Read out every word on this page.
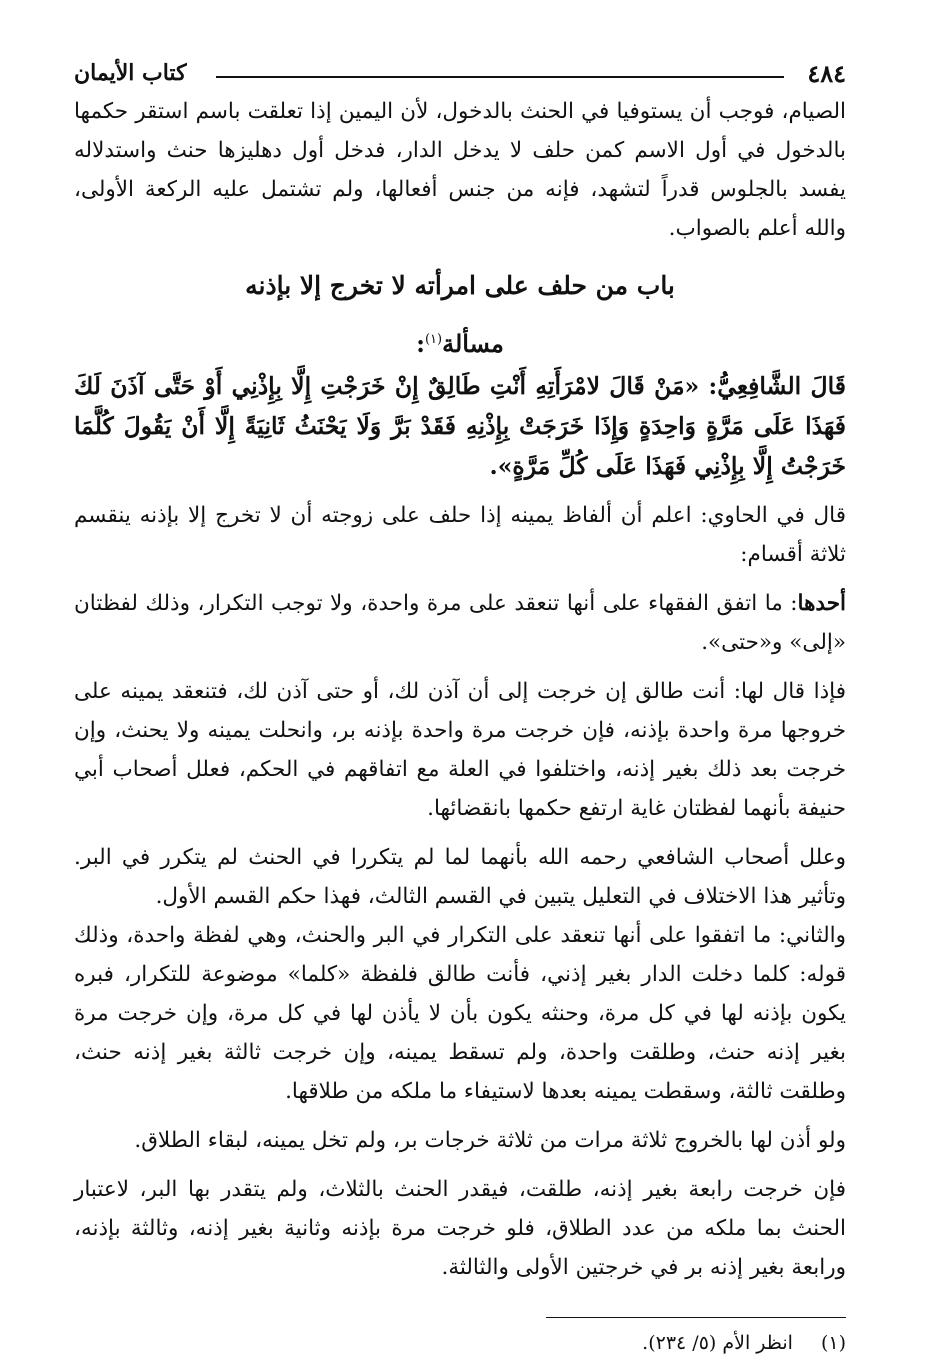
٤٨٤
كتاب الأيمان

الصيام، فوجب أن يستوفيا في الحنث بالدخول، لأن اليمين إذا تعلقت باسم استقر حكمها بالدخول في أول الاسم كمن حلف لا يدخل الدار، فدخل أول دهليزها حنث واستدلاله يفسد بالجلوس قدراً لتشهد، فإنه من جنس أفعالها، ولم تشتمل عليه الركعة الأولى، والله أعلم بالصواب.

باب من حلف على امرأته لا تخرج إلا بإذنه
مسألة$^{(١)}$:

قَالَ الشَّافِعِيُّ: «مَنْ قَالَ لامْرَأَتِهِ أَنْتِ طَالِقٌ إِنْ خَرَجْتِ إِلَّا بِإِذْنِي أَوْ حَتَّى آذَنَ لَكَ فَهَذَا عَلَى مَرَّةٍ وَاحِدَةٍ وَإِذَا خَرَجَتْ بِإِذْنِهِ فَقَدْ بَرَّ وَلَا يَحْنَثُ ثَانِيَةً إِلَّا أَنْ يَقُولَ كُلَّمَا خَرَجْتُ إِلَّا بِإِذْنِي فَهَذَا عَلَى كُلِّ مَرَّةٍ».

قال في الحاوي: اعلم أن ألفاظ يمينه إذا حلف على زوجته أن لا تخرج إلا بإذنه ينقسم ثلاثة أقسام:

أحدها: ما اتفق الفقهاء على أنها تنعقد على مرة واحدة، ولا توجب التكرار، وذلك لفظتان «إلى» و«حتى».

فإذا قال لها: أنت طالق إن خرجت إلى أن آذن لك، أو حتى آذن لك، فتنعقد يمينه على خروجها مرة واحدة بإذنه، فإن خرجت مرة واحدة بإذنه بر، وانحلت يمينه ولا يحنث، وإن خرجت بعد ذلك بغير إذنه، واختلفوا في العلة مع اتفاقهم في الحكم، فعلل أصحاب أبي حنيفة بأنهما لفظتان غاية ارتفع حكمها بانقضائها.

وعلل أصحاب الشافعي رحمه الله بأنهما لما لم يتكررا في الحنث لم يتكرر في البر. وتأثير هذا الاختلاف في التعليل يتبين في القسم الثالث، فهذا حكم القسم الأول.

والثاني: ما اتفقوا على أنها تنعقد على التكرار في البر والحنث، وهي لفظة واحدة، وذلك قوله: كلما دخلت الدار بغير إذني، فأنت طالق فلفظة «كلما» موضوعة للتكرار، فبره يكون بإذنه لها في كل مرة، وحنثه يكون بأن لا يأذن لها في كل مرة، وإن خرجت مرة بغير إذنه حنث، وطلقت واحدة، ولم تسقط يمينه، وإن خرجت ثالثة بغير إذنه حنث، وطلقت ثالثة، وسقطت يمينه بعدها لاستيفاء ما ملكه من طلاقها.

ولو أذن لها بالخروج ثلاثة مرات من ثلاثة خرجات بر، ولم تخل يمينه، لبقاء الطلاق.

فإن خرجت رابعة بغير إذنه، طلقت، فيقدر الحنث بالثلاث، ولم يتقدر بها البر، لاعتبار الحنث بما ملكه من عدد الطلاق، فلو خرجت مرة بإذنه وثانية بغير إذنه، وثالثة بإذنه، ورابعة بغير إذنه بر في خرجتين الأولى والثالثة.

(١)انظر الأم (٥/ ٢٣٤).
